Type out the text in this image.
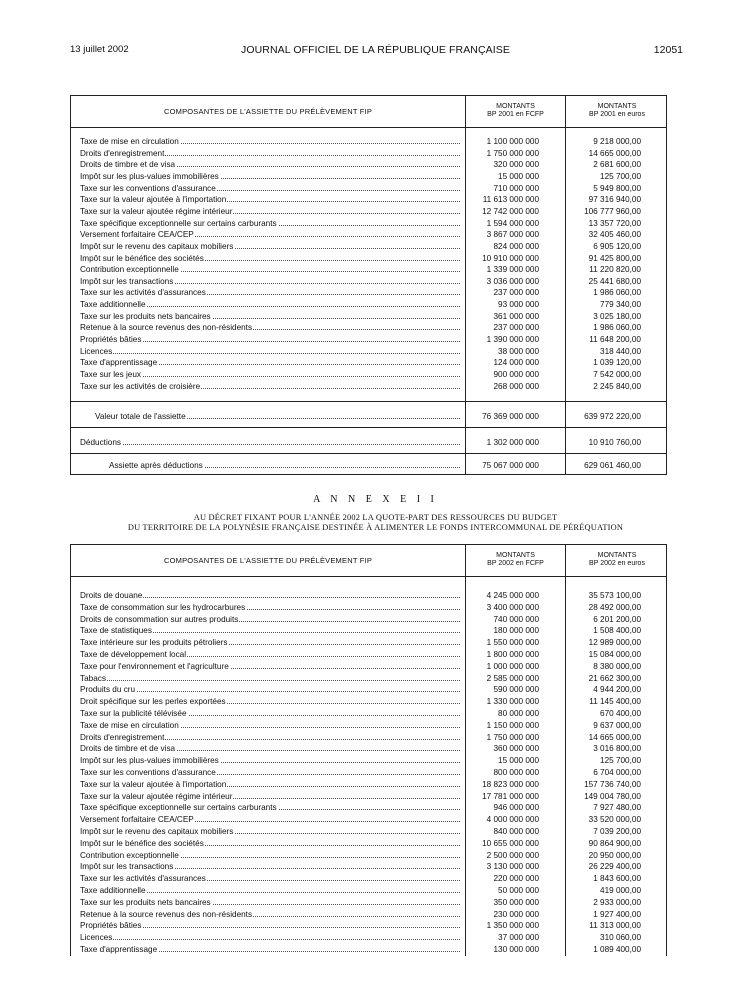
13 juillet 2002	JOURNAL OFFICIEL DE LA RÉPUBLIQUE FRANÇAISE	12051
COMPOSANTES DE L'ASSIETTE DU PRÉLÈVEMENT FIP
MONTANTS
BP 2001 en FCFP
MONTANTS
BP 2001 en euros
Taxe de mise en circulation	1 100 000 000	9 218 000,00
Droits d'enregistrement	1 750 000 000	14 665 000,00
Droits de timbre et de visa	320 000 000	2 681 600,00
Impôt sur les plus-values immobilières	15 000 000	125 700,00
Taxe sur les conventions d'assurance	710 000 000	5 949 800,00
Taxe sur la valeur ajoutée à l'importation	11 613 000 000	97 316 940,00
Taxe sur la valeur ajoutée régime intérieur	12 742 000 000	106 777 960,00
Taxe spécifique exceptionnelle sur certains carburants	1 594 000 000	13 357 720,00
Versement forfaitaire CEA/CEP	3 867 000 000	32 405 460,00
Impôt sur le revenu des capitaux mobiliers	824 000 000	6 905 120,00
Impôt sur le bénéfice des sociétés	10 910 000 000	91 425 800,00
Contribution exceptionnelle	1 339 000 000	11 220 820,00
Impôt sur les transactions	3 036 000 000	25 441 680,00
Taxe sur les activités d'assurances	237 000 000	1 986 060,00
Taxe additionnelle	93 000 000	779 340,00
Taxe sur les produits nets bancaires	361 000 000	3 025 180,00
Retenue à la source revenus des non-résidents	237 000 000	1 986 060,00
Propriétés bâties	1 390 000 000	11 648 200,00
Licences	38 000 000	318 440,00
Taxe d'apprentissage	124 000 000	1 039 120,00
Taxe sur les jeux	900 000 000	7 542 000,00
Taxe sur les activités de croisière	268 000 000	2 245 840,00
Valeur totale de l'assiette	76 369 000 000	639 972 220,00
Déductions	1 302 000 000	10 910 760,00
Assiette après déductions	75 067 000 000	629 061 460,00
A N N E X E I I
AU DÉCRET FIXANT POUR L'ANNÉE 2002 LA QUOTE-PART DES RESSOURCES DU BUDGET
DU TERRITOIRE DE LA POLYNÉSIE FRANÇAISE DESTINÉE À ALIMENTER LE FONDS INTERCOMMUNAL DE PÉRÉQUATION
COMPOSANTES DE L'ASSIETTE DU PRÉLÈVEMENT FIP
MONTANTS
BP 2002 en FCFP
MONTANTS
BP 2002 en euros
Droits de douane	4 245 000 000	35 573 100,00
Taxe de consommation sur les hydrocarbures	3 400 000 000	28 492 000,00
Droits de consommation sur autres produits	740 000 000	6 201 200,00
Taxe de statistiques	180 000 000	1 508 400,00
Taxe intérieure sur les produits pétroliers	1 550 000 000	12 989 000,00
Taxe de développement local	1 800 000 000	15 084 000,00
Taxe pour l'environnement et l'agriculture	1 000 000 000	8 380 000,00
Tabacs	2 585 000 000	21 662 300,00
Produits du cru	590 000 000	4 944 200,00
Droit spécifique sur les perles exportées	1 330 000 000	11 145 400,00
Taxe sur la publicité télévisée	80 000 000	670 400,00
Taxe de mise en circulation	1 150 000 000	9 637 000,00
Droits d'enregistrement	1 750 000 000	14 665 000,00
Droits de timbre et de visa	360 000 000	3 016 800,00
Impôt sur les plus-values immobilières	15 000 000	125 700,00
Taxe sur les conventions d'assurance	800 000 000	6 704 000,00
Taxe sur la valeur ajoutée à l'importation	18 823 000 000	157 736 740,00
Taxe sur la valeur ajoutée régime intérieur	17 781 000 000	149 004 780,00
Taxe spécifique exceptionnelle sur certains carburants	946 000 000	7 927 480,00
Versement forfaitaire CEA/CEP	4 000 000 000	33 520 000,00
Impôt sur le revenu des capitaux mobiliers	840 000 000	7 039 200,00
Impôt sur le bénéfice des sociétés	10 655 000 000	90 864 900,00
Contribution exceptionnelle	2 500 000 000	20 950 000,00
Impôt sur les transactions	3 130 000 000	26 229 400,00
Taxe sur les activités d'assurances	220 000 000	1 843 600,00
Taxe additionnelle	50 000 000	419 000,00
Taxe sur les produits nets bancaires	350 000 000	2 933 000,00
Retenue à la source revenus des non-résidents	230 000 000	1 927 400,00
Propriétés bâties	1 350 000 000	11 313 000,00
Licences	37 000 000	310 060,00
Taxe d'apprentissage	130 000 000	1 089 400,00
